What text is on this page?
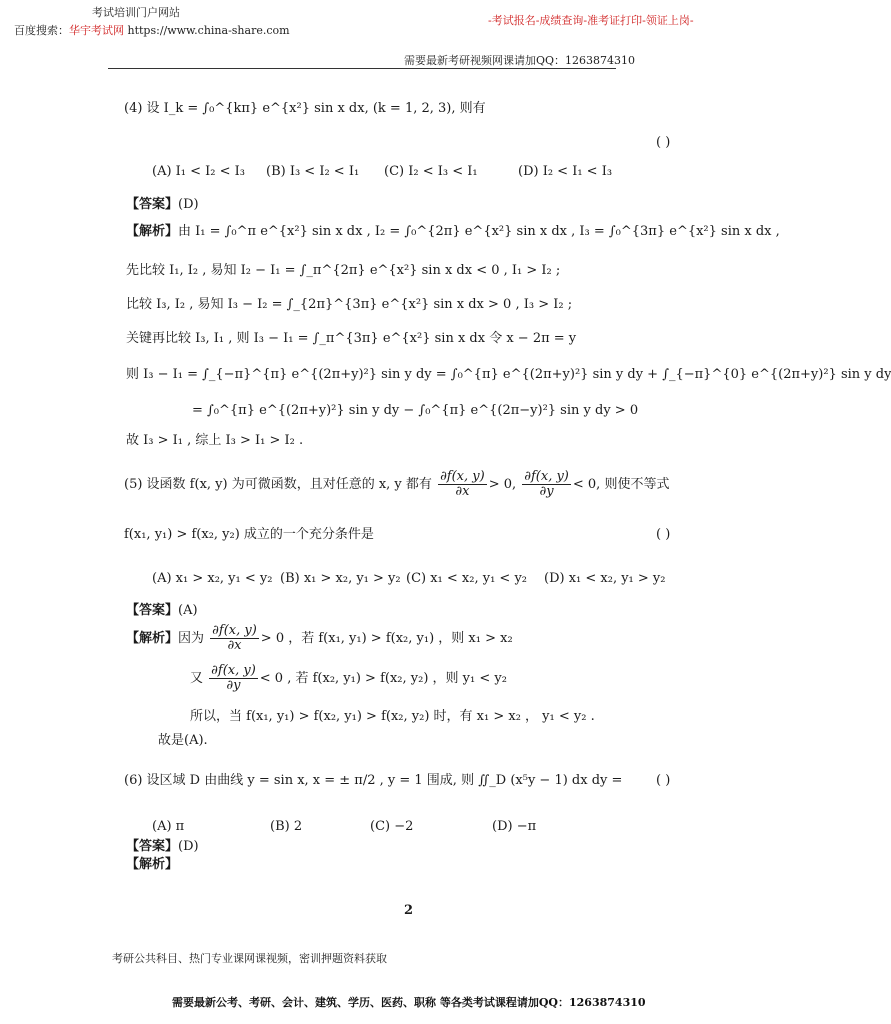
考试培训门户网站
百度搜索：华宇考试网 https://www.china-share.com
-考试报名-成绩查询-准考证打印-领证上岗-
需要最新考研视频网课请加QQ：1263874310
(4) 设 I_k = ∫₀^{kπ} e^{x²} sin x dx, (k = 1, 2, 3), 则有
( )
(A) I₁ < I₂ < I₃ (B) I₃ < I₂ < I₁ (C) I₂ < I₃ < I₁	(D) I₂ < I₁ < I₃
【答案】(D)
【解析】由 I₁ = ∫₀^π e^{x²} sin x dx , I₂ = ∫₀^{2π} e^{x²} sin x dx , I₃ = ∫₀^{3π} e^{x²} sin x dx ,
先比较 I₁, I₂ , 易知 I₂ − I₁ = ∫_π^{2π} e^{x²} sin x dx < 0 , I₁ > I₂ ;
比较 I₃, I₂ , 易知 I₃ − I₂ = ∫_{2π}^{3π} e^{x²} sin x dx > 0 , I₃ > I₂ ;
关键再比较 I₃, I₁ , 则 I₃ − I₁ = ∫_π^{3π} e^{x²} sin x dx 令 x − 2π = y
则 I₃ − I₁ = ∫_{−π}^{π} e^{(2π+y)²} sin y dy = ∫₀^{π} e^{(2π+y)²} sin y dy + ∫_{−π}^{0} e^{(2π+y)²} sin y dy
= ∫₀^{π} e^{(2π+y)²} sin y dy − ∫₀^{π} e^{(2π−y)²} sin y dy > 0
故 I₃ > I₁ , 综上 I₃ > I₁ > I₂ .
(5) 设函数 f(x, y) 为可微函数，且对任意的 x, y 都有 $\frac{\partial f(x, y)}{\partial x} > 0$, $\frac{\partial f(x, y)}{\partial y} < 0$, 则使不等式
f(x₁, y₁) > f(x₂, y₂) 成立的一个充分条件是	( )
(A) x₁ > x₂, y₁ < y₂ (B) x₁ > x₂, y₁ > y₂ (C) x₁ < x₂, y₁ < y₂ (D) x₁ < x₂, y₁ > y₂
【答案】(A)
【解析】因为 $\frac{\partial f(x, y)}{\partial x} > 0$ ，若 f(x₁, y₁) > f(x₂, y₁) ，则 x₁ > x₂
又 $\frac{\partial f(x, y)}{\partial y} < 0$ , 若 f(x₂, y₁) > f(x₂, y₂) ，则 y₁ < y₂
所以，当 f(x₁, y₁) > f(x₂, y₁) > f(x₂, y₂) 时，有 x₁ > x₂ ， y₁ < y₂ .
故是(A).
(6) 设区域 D 由曲线 y = sin x, x = ± π/2 , y = 1 围成, 则 ∬_D (x⁵y − 1) dx dy =	( )
(A) π	(B) 2	(C) −2	(D) −π
【答案】(D)
【解析】
2
考研公共科目、热门专业课网课视频，密训押题资料获取
需要最新公考、考研、会计、建筑、学历、医药、职称 等各类考试课程请加QQ：1263874310
